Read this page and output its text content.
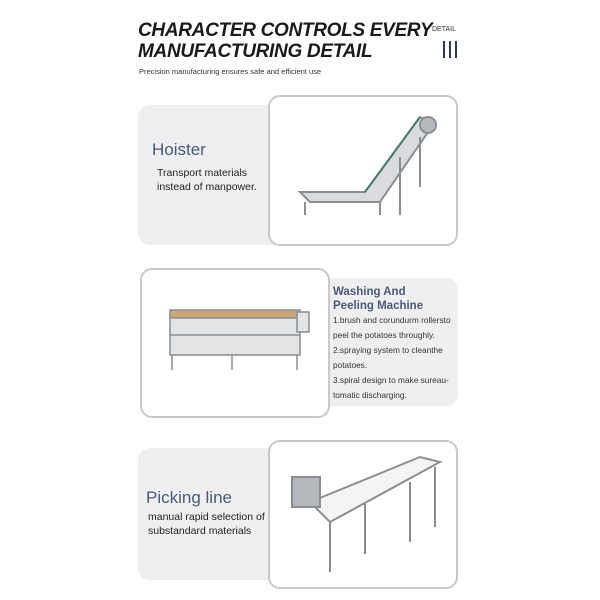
CHARACTER CONTROLS EVERY
MANUFACTURING DETAIL
Precision manufacturing ensures safe and efficient use
DETAIL
Hoister
Transport materials
instead of manpower.
Washing And
Peeling Machine
1.brush and corundurm rollersto
peel the potatoes throughly.
2.spraying system to cleanthe
potatoes.
3.spiral design to make sureau-
tomatic discharging.
Picking line
manual rapid selection of
substandard materials
